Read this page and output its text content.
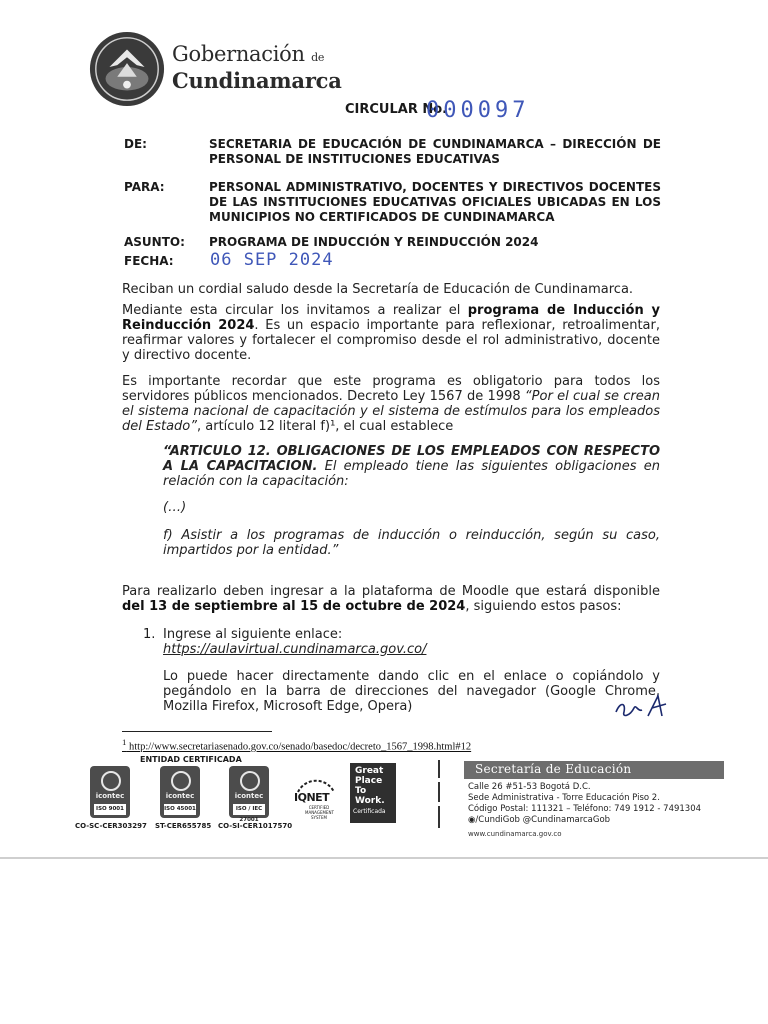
Gobernación de
Cundinamarca
CIRCULAR No.
000097
DE:	SECRETARIA DE EDUCACIÓN DE CUNDINAMARCA – DIRECCIÓN DE PERSONAL DE INSTITUCIONES EDUCATIVAS
PARA:	PERSONAL ADMINISTRATIVO, DOCENTES Y DIRECTIVOS DOCENTES DE LAS INSTITUCIONES EDUCATIVAS OFICIALES UBICADAS EN LOS MUNICIPIOS NO CERTIFICADOS DE CUNDINAMARCA
ASUNTO: PROGRAMA DE INDUCCIÓN Y REINDUCCIÓN 2024
FECHA: 06 SEP 2024
Reciban un cordial saludo desde la Secretaría de Educación de Cundinamarca.
Mediante esta circular los invitamos a realizar el programa de Inducción y Reinducción 2024. Es un espacio importante para reflexionar, retroalimentar, reafirmar valores y fortalecer el compromiso desde el rol administrativo, docente y directivo docente.
Es importante recordar que este programa es obligatorio para todos los servidores públicos mencionados. Decreto Ley 1567 de 1998 “Por el cual se crean el sistema nacional de capacitación y el sistema de estímulos para los empleados del Estado”, artículo 12 literal f)¹, el cual establece
“ARTICULO 12. OBLIGACIONES DE LOS EMPLEADOS CON RESPECTO A LA CAPACITACION. El empleado tiene las siguientes obligaciones en relación con la capacitación:
(…)
f) Asistir a los programas de inducción o reinducción, según su caso, impartidos por la entidad.”
Para realizarlo deben ingresar a la plataforma de Moodle que estará disponible del 13 de septiembre al 15 de octubre de 2024, siguiendo estos pasos:
1. Ingrese al siguiente enlace:
https://aulavirtual.cundinamarca.gov.co/
Lo puede hacer directamente dando clic en el enlace o copiándolo y pegándolo en la barra de direcciones del navegador (Google Chrome, Mozilla Firefox, Microsoft Edge, Opera)
$^1$ http://www.secretariasenado.gov.co/senado/basedoc/decreto_1567_1998.html#12
ENTIDAD CERTIFICADA
icontec
ISO 9001
CO-SC-CER303297
icontec
ISO 45001
ST-CER655785
icontec
ISO / IEC 27001
CO-SI-CER1017570
IQNET
CERTIFIED MANAGEMENT SYSTEM
Great
Place
To
Work.
Certificada
Secretaría de Educación
Calle 26 #51-53 Bogotá D.C.
Sede Administrativa - Torre Educación Piso 2.
Código Postal: 111321 – Teléfono: 749 1912 - 7491304
◉/CundiGob @CundinamarcaGob
www.cundinamarca.gov.co
